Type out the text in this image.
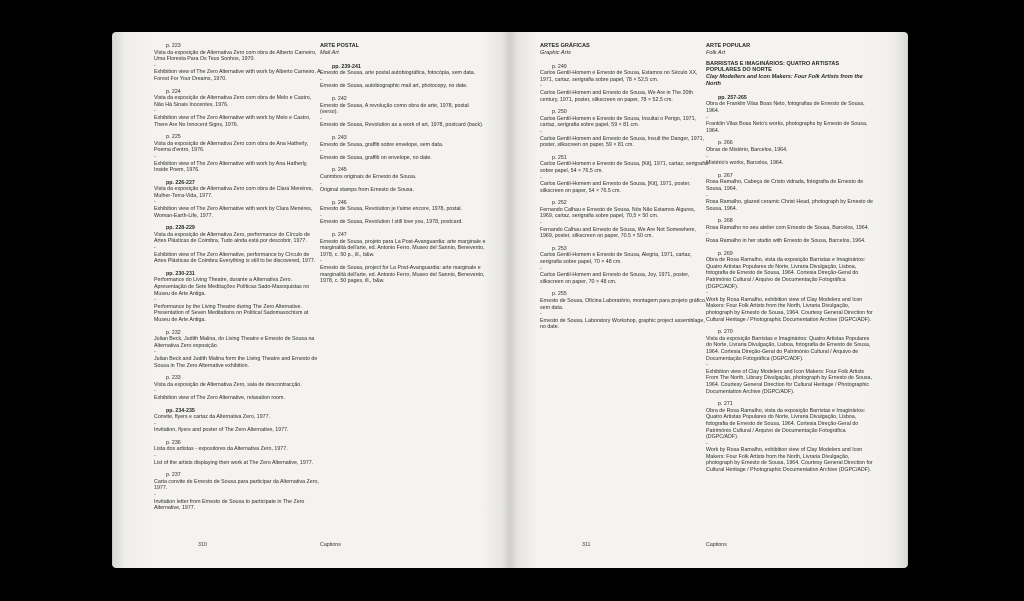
p. 223
Vista da exposição de Alternativa Zero com obra de Alberto Carneiro, Uma Floresta Para Os Teus Sonhos, 1970.
-
Exhibition view of The Zero Alternative with work by Alberto Carneiro, A Forest For Your Dreams, 1970.
p. 224
Vista da exposição de Alternativa Zero com obra de Melo e Castro, Não Há Sinais Inocentes, 1976.
-
Exhibition view of The Zero Alternative with work by Melo e Castro, There Are No Innocent Signs, 1976.
p. 225
Vista da exposição de Alternativa Zero com obra de Ana Hatherly, Poema d'entro, 1976.
-
Exhibition view of The Zero Alternative with work by Ana Hatherly, Inside Poem, 1976.
pp. 226-227
Vista da exposição de Alternativa Zero com obra de Clara Menéres, Mulher-Terra-Vida, 1977.
-
Exhibition view of The Zero Alternative with work by Clara Menéres, Woman-Earth-Life, 1977.
pp. 228-229
Vista da exposição de Alternativa Zero, performance do Círculo de Artes Plásticas de Coimbra, Tudo ainda está por descobrir, 1977.
-
Exhibition view of The Zero Alternative, performance by Círculo de Artes Plásticas de Coimbra Everything is still to be discovered, 1977.
pp. 230-231
Performance do Living Theatre, durante a Alternativa Zero. Apresentação de Sete Meditações Políticas Sado-Masoquistas no Museu de Arte Antiga.
-
Performance by the Living Theatre during The Zero Alternative. Presentation of Seven Meditations on Political Sadomasochism at Museu de Arte Antiga.
p. 232
Julian Beck, Judith Malina, do Living Theatre e Ernesto de Sousa na Alternativa Zero exposição.
-
Julian Beck and Judith Malina form the Living Theatre and Ernesto de Sousa in The Zero Alternative exhibition.
p. 233
Vista da exposição de Alternativa Zero, sala de descontracção.
-
Exhibition view of The Zero Alternative, relaxation room.
pp. 234-235
Convite, flyers e cartaz da Alternativa Zero, 1977.
-
Invitation, flyers and poster of The Zero Alternative, 1977.
p. 236
Lista dos artistas - expositores da Alternativa Zero, 1977.
-
List of the artists displaying their work at The Zero Alternative, 1977.
p. 237
Carta convite de Ernesto de Sousa para participar da Alternativa Zero, 1977.
-
Invitation letter from Ernesto de Sousa to participate in The Zero Alternative, 1977.
ARTE POSTAL
Mail Art
pp. 239-241
Ernesto de Sousa, arte postal autobiográfica, fotocópia, sem data.
-
Ernesto de Sousa, autobiographic mail art, photocopy, no date.
p. 242
Ernesto de Sousa, A revolução como obra de arte, 1978, postal (verso).
-
Ernesto de Sousa, Revolution as a work of art, 1978, postcard (back).
p. 243
Ernesto de Sousa, graffiti sobre envelope, sem data.
-
Ernesto de Sousa, graffiti on envelope, no date.
p. 245
Carimbos originais de Ernesto de Sousa.
-
Original stamps from Ernesto de Sousa.
p. 246
Ernesto de Sousa, Revolution je t'aime encore, 1978, postal.
-
Ernesto de Sousa, Revolution I still love you, 1978, postcard.
p. 247
Ernesto de Sousa, projeto para La Post-Avanguardia: arte marginale e marginalità dell'arte, ed. Antonio Ferro, Museo del Sannio, Benevento, 1978, c. 50 p., ill., b&w.
-
Ernesto de Sousa, project for La Post-Avanguardia: arte marginale e marginalità dell'arte, ed. Antonio Ferro, Museo del Sannio, Benevento, 1978, c. 50 pages, ill., b&w.
310	Captions
ARTES GRÁFICAS
Graphic Arts
p. 249
Carlos Gentil-Homem e Ernesto de Sousa, Estamos no Século XX, 1971, cartaz, serigrafia sobre papel, 78 × 52,5 cm.
-
Carlos Gentil-Homem and Ernesto de Sousa, We Are in The 20th century, 1971, poster, silkscreen on paper, 78 × 52.5 cm.
p. 250
Carlos Gentil-Homem e Ernesto de Sousa, Insultai o Perigo, 1971, cartaz, serigrafia sobre papel, 59 × 81 cm.
-
Carlos Gentil-Homem and Ernesto de Sousa, Insult the Danger, 1971, poster, silkscreen on paper, 59 × 81 cm.
p. 251
Carlos Gentil-Homem e Ernesto de Sousa, [Kit], 1971, cartaz, serigrafia sobre papel, 54 × 76,5 cm.
-
Carlos Gentil-Homem and Ernesto de Sousa, [Kit], 1971, poster, silkscreen on paper, 54 × 76.5 cm.
p. 252
Fernando Calhau e Ernesto de Sousa, Nós Não Estamos Algures, 1969, cartaz, serigrafia sobre papel, 70,5 × 50 cm.
-
Fernando Calhau and Ernesto de Sousa, We Are Not Somewhere, 1969, poster, silkscreen on paper, 70.5 × 50 cm.
p. 253
Carlos Gentil-Homem e Ernesto de Sousa, Alegria, 1971, cartaz, serigrafia sobre papel, 70 × 48 cm.
-
Carlos Gentil-Homem and Ernesto de Sousa, Joy, 1971, poster, silkscreen on paper, 70 × 48 cm.
p. 255
Ernesto de Sousa, Oficina Laboratório, montagem para projeto gráfico, sem data.
-
Ernesto de Sousa, Laboratory Workshop, graphic project assemblage, no date.
ARTE POPULAR
Folk Art
BARRISTAS E IMAGINÁRIOS: QUATRO ARTISTAS POPULARES DO NORTE
Clay Modellers and Icon Makers: Four Folk Artists from the North
pp. 257-265
Obra de Franklin Vilas Boas Neto, fotografias de Ernesto de Sousa, 1964.
-
Franklin Vilas Boas Neto's works, photographs by Ernesto de Sousa, 1964.
p. 266
Obras de Mistério, Barcelos, 1964.
-
Mistério's works, Barcelos, 1964.
p. 267
Rosa Ramalho, Cabeça de Cristo vidrada, fotografia de Ernesto de Sousa, 1964.
-
Rosa Ramalho, glazed ceramic Christ Head, photograph by Ernesto de Sousa, 1964.
p. 268
Rosa Ramalho no seu atelier com Ernesto de Sousa, Barcelos, 1964.
-
Rosa Ramalho in her studio with Ernesto de Sousa, Barcelos, 1964.
p. 269
Obra de Rosa Ramalho, vista da exposição Barristas e Imaginários: Quatro Artistas Populares do Norte, Livraria Divulgação, Lisboa, fotografia de Ernesto de Sousa, 1964. Cortesia Direção-Geral do Património Cultural / Arquivo de Documentação Fotográfica (DGPC/ADF).
-
Work by Rosa Ramalho, exhibition view of Clay Modelers and Icon Makers: Four Folk Artists from the North, Livraria Divulgação, photograph by Ernesto de Sousa, 1964. Courtesy General Direction for Cultural Heritage / Photographic Documentation Archive (DGPC/ADF).
p. 270
Vista da exposição Barristas e Imaginários: Quatro Artistas Populares do Norte, Livraria Divulgação, Lisboa, fotografia de Ernesto de Sousa, 1964. Cortesia Direção-Geral do Património Cultural / Arquivo de Documentação Fotográfica (DGPC/ADF).
-
Exhibition view of Clay Modelers and Icon Makers: Four Folk Artists From The North, Library Divulgação, photograph by Ernesto de Sousa, 1964. Courtesy General Direction for Cultural Heritage / Photographic Documentation Archive (DGPC/ADF).
p. 271
Obra de Rosa Ramalho, vista da exposição Barristas e Imaginários: Quatro Artistas Populares do Norte, Livraria Divulgação, Lisboa, fotografia de Ernesto de Sousa, 1964. Cortesia Direção-Geral do Património Cultural / Arquivo de Documentação Fotográfica (DGPC/ADF).
-
Work by Rosa Ramalho, exhibition view of Clay Modelers and Icon Makers: Four Folk Artists from the North, Livraria Divulgação, photograph by Ernesto de Sousa, 1964. Courtesy General Direction for Cultural Heritage / Photographic Documentation Archive (DGPC/ADF).
311	Captions
